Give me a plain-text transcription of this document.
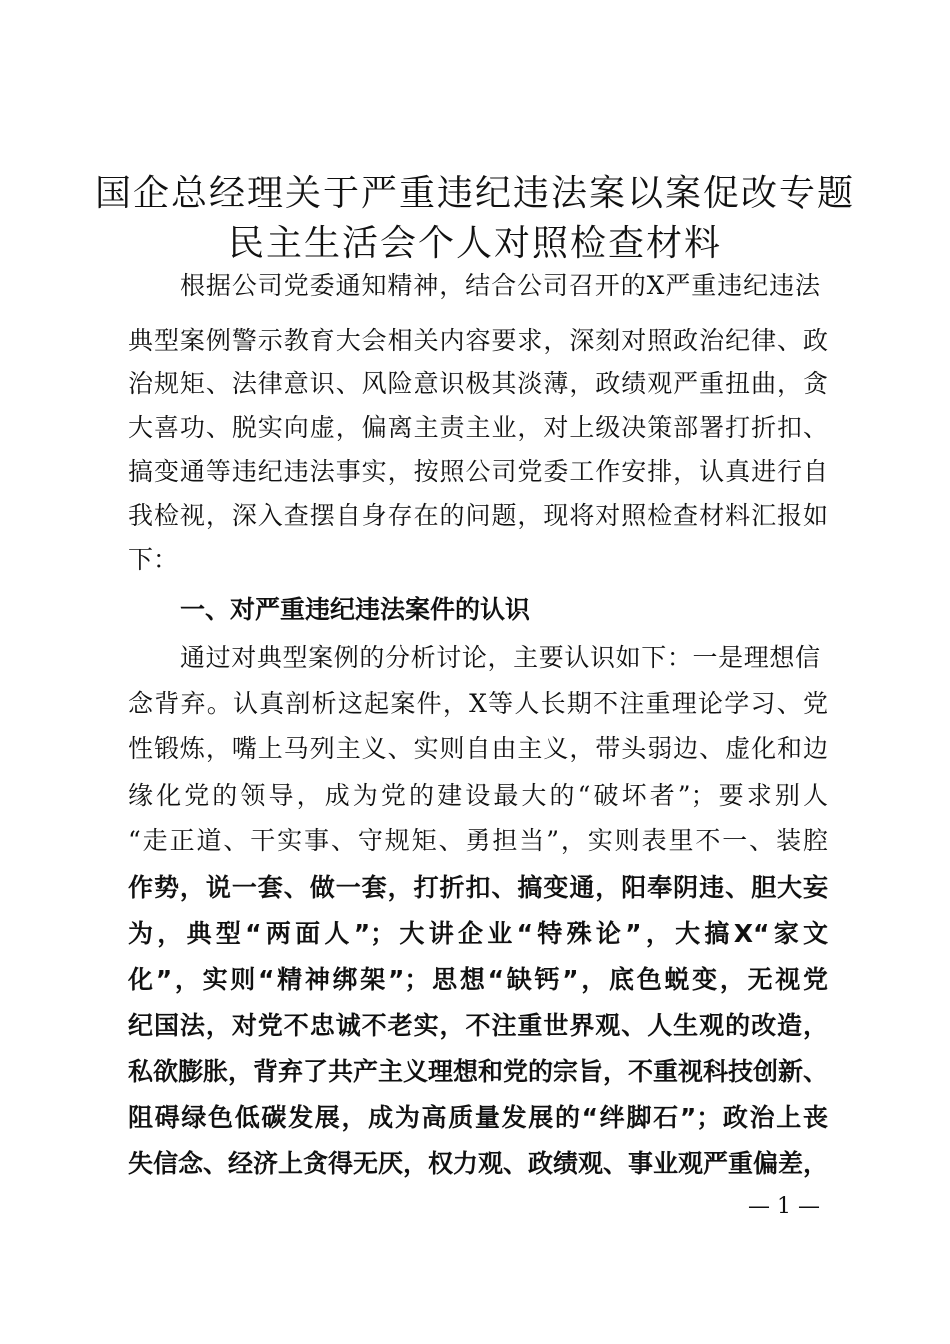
国企总经理关于严重违纪违法案以案促改专题
民主生活会个人对照检查材料
根据公司党委通知精神，结合公司召开的X严重违纪违法
典型案例警示教育大会相关内容要求，深刻对照政治纪律、政
治规矩、法律意识、风险意识极其淡薄，政绩观严重扭曲，贪
大喜功、脱实向虚，偏离主责主业，对上级决策部署打折扣、
搞变通等违纪违法事实，按照公司党委工作安排，认真进行自
我检视，深入查摆自身存在的问题，现将对照检查材料汇报如
下：
一、对严重违纪违法案件的认识
通过对典型案例的分析讨论，主要认识如下：一是理想信
念背弃。认真剖析这起案件，X等人长期不注重理论学习、党
性锻炼，嘴上马列主义、实则自由主义，带头弱边、虚化和边
缘化党的领导，成为党的建设最大的“破坏者”；要求别人
“走正道、干实事、守规矩、勇担当”，实则表里不一、装腔
作势，说一套、做一套，打折扣、搞变通，阳奉阴违、胆大妄
为，典型“两面人”；大讲企业“特殊论”，大搞X“家文
化”，实则“精神绑架”；思想“缺钙”，底色蜕变，无视党
纪国法，对党不忠诚不老实，不注重世界观、人生观的改造，
私欲膨胀，背弃了共产主义理想和党的宗旨，不重视科技创新、
阻碍绿色低碳发展，成为高质量发展的“绊脚石”；政治上丧
失信念、经济上贪得无厌，权力观、政绩观、事业观严重偏差，
— 1 —
